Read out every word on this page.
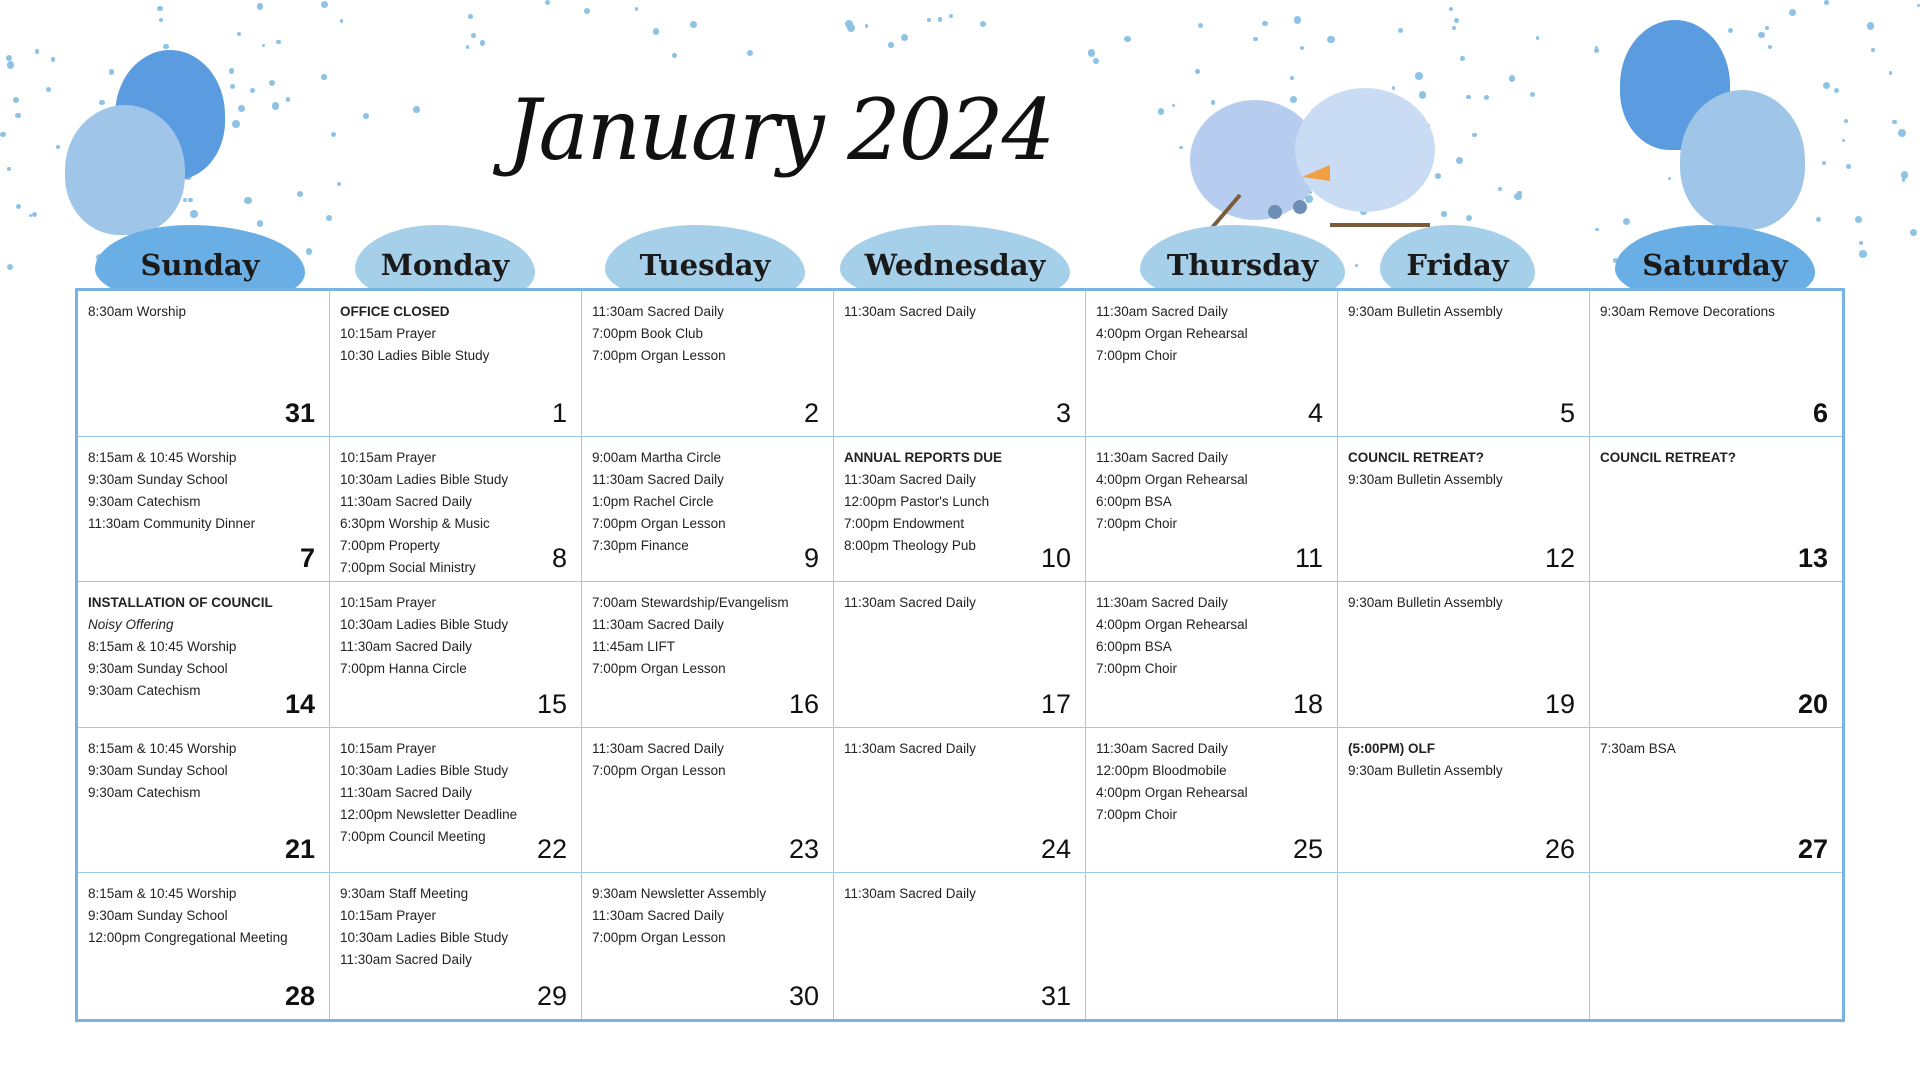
January 2024
Sunday	Monday	Tuesday	Wednesday	Thursday	Friday	Saturday
8:30am Worship
31
OFFICE CLOSED
10:15am Prayer
10:30 Ladies Bible Study
1
11:30am Sacred Daily
7:00pm Book Club
7:00pm Organ Lesson
2
11:30am Sacred Daily
3
11:30am Sacred Daily
4:00pm Organ Rehearsal
7:00pm Choir
4
9:30am Bulletin Assembly
5
9:30am Remove Decorations
6
8:15am & 10:45 Worship
9:30am Sunday School
9:30am Catechism
11:30am Community Dinner
7
10:15am Prayer
10:30am Ladies Bible Study
11:30am Sacred Daily
6:30pm Worship & Music
7:00pm Property
7:00pm Social Ministry	8
9:00am Martha Circle
11:30am Sacred Daily
1:0pm Rachel Circle
7:00pm Organ Lesson
7:30pm Finance	9
ANNUAL REPORTS DUE
11:30am Sacred Daily
12:00pm Pastor's Lunch
7:00pm Endowment
8:00pm Theology Pub	10
11:30am Sacred Daily
4:00pm Organ Rehearsal
6:00pm BSA
7:00pm Choir
11
COUNCIL RETREAT?
9:30am Bulletin Assembly
12
COUNCIL RETREAT?
13
INSTALLATION OF COUNCIL
Noisy Offering
8:15am & 10:45 Worship
9:30am Sunday School
9:30am Catechism	14
10:15am Prayer
10:30am Ladies Bible Study
11:30am Sacred Daily
7:00pm Hanna Circle
15
7:00am Stewardship/Evangelism
11:30am Sacred Daily
11:45am LIFT
7:00pm Organ Lesson
16
11:30am Sacred Daily
17
11:30am Sacred Daily
4:00pm Organ Rehearsal
6:00pm BSA
7:00pm Choir
18
9:30am Bulletin Assembly
19	20
8:15am & 10:45 Worship
9:30am Sunday School
9:30am Catechism
21
10:15am Prayer
10:30am Ladies Bible Study
11:30am Sacred Daily
12:00pm Newsletter Deadline
7:00pm Council Meeting	22
11:30am Sacred Daily
7:00pm Organ Lesson
23
11:30am Sacred Daily
24
11:30am Sacred Daily
12:00pm Bloodmobile
4:00pm Organ Rehearsal
7:00pm Choir
25
(5:00PM) OLF
9:30am Bulletin Assembly
26
7:30am BSA
27
8:15am & 10:45 Worship
9:30am Sunday School
12:00pm Congregational Meeting
28
9:30am Staff Meeting
10:15am Prayer
10:30am Ladies Bible Study
11:30am Sacred Daily
29
9:30am Newsletter Assembly
11:30am Sacred Daily
7:00pm Organ Lesson
30
11:30am Sacred Daily
31
